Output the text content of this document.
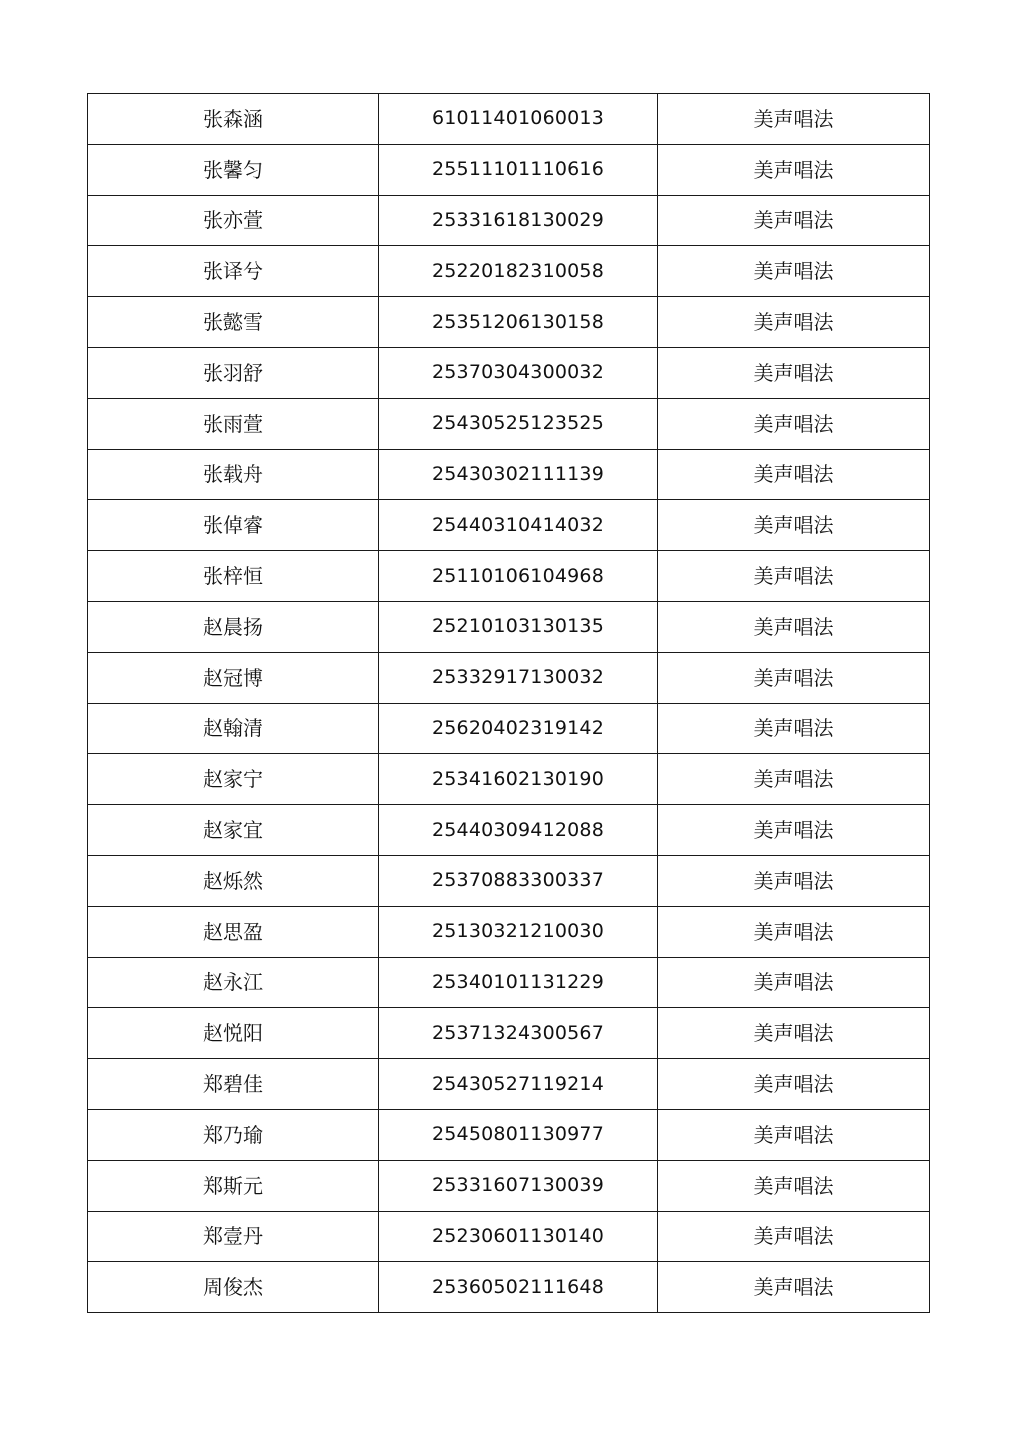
张森涵	61011401060013	美声唱法
张馨匀	25511101110616	美声唱法
张亦萱	25331618130029	美声唱法
张译兮	25220182310058	美声唱法
张懿雪	25351206130158	美声唱法
张羽舒	25370304300032	美声唱法
张雨萱	25430525123525	美声唱法
张载舟	25430302111139	美声唱法
张倬睿	25440310414032	美声唱法
张梓恒	25110106104968	美声唱法
赵晨扬	25210103130135	美声唱法
赵冠博	25332917130032	美声唱法
赵翰清	25620402319142	美声唱法
赵家宁	25341602130190	美声唱法
赵家宜	25440309412088	美声唱法
赵烁然	25370883300337	美声唱法
赵思盈	25130321210030	美声唱法
赵永江	25340101131229	美声唱法
赵悦阳	25371324300567	美声唱法
郑碧佳	25430527119214	美声唱法
郑乃瑜	25450801130977	美声唱法
郑斯元	25331607130039	美声唱法
郑壹丹	25230601130140	美声唱法
周俊杰	25360502111648	美声唱法
